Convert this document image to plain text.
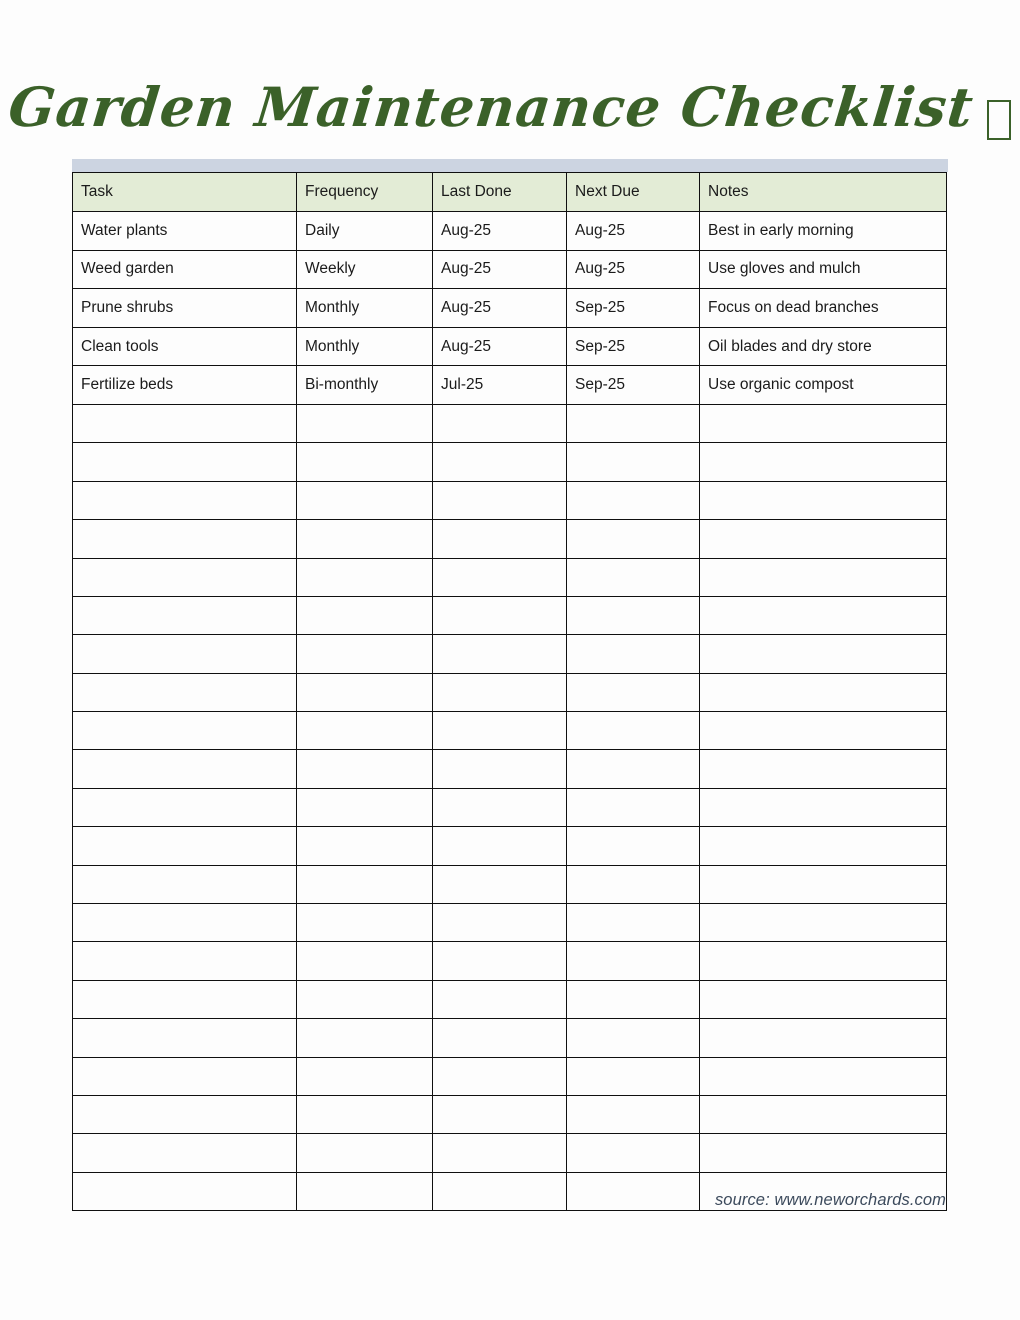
Garden Maintenance Checklist
Task	Frequency	Last Done	Next Due	Notes
Water plants	Daily	Aug-25	Aug-25	Best in early morning
Weed garden	Weekly	Aug-25	Aug-25	Use gloves and mulch
Prune shrubs	Monthly	Aug-25	Sep-25	Focus on dead branches
Clean tools	Monthly	Aug-25	Sep-25	Oil blades and dry store
Fertilize beds	Bi-monthly	Jul-25	Sep-25	Use organic compost

source: www.neworchards.com
